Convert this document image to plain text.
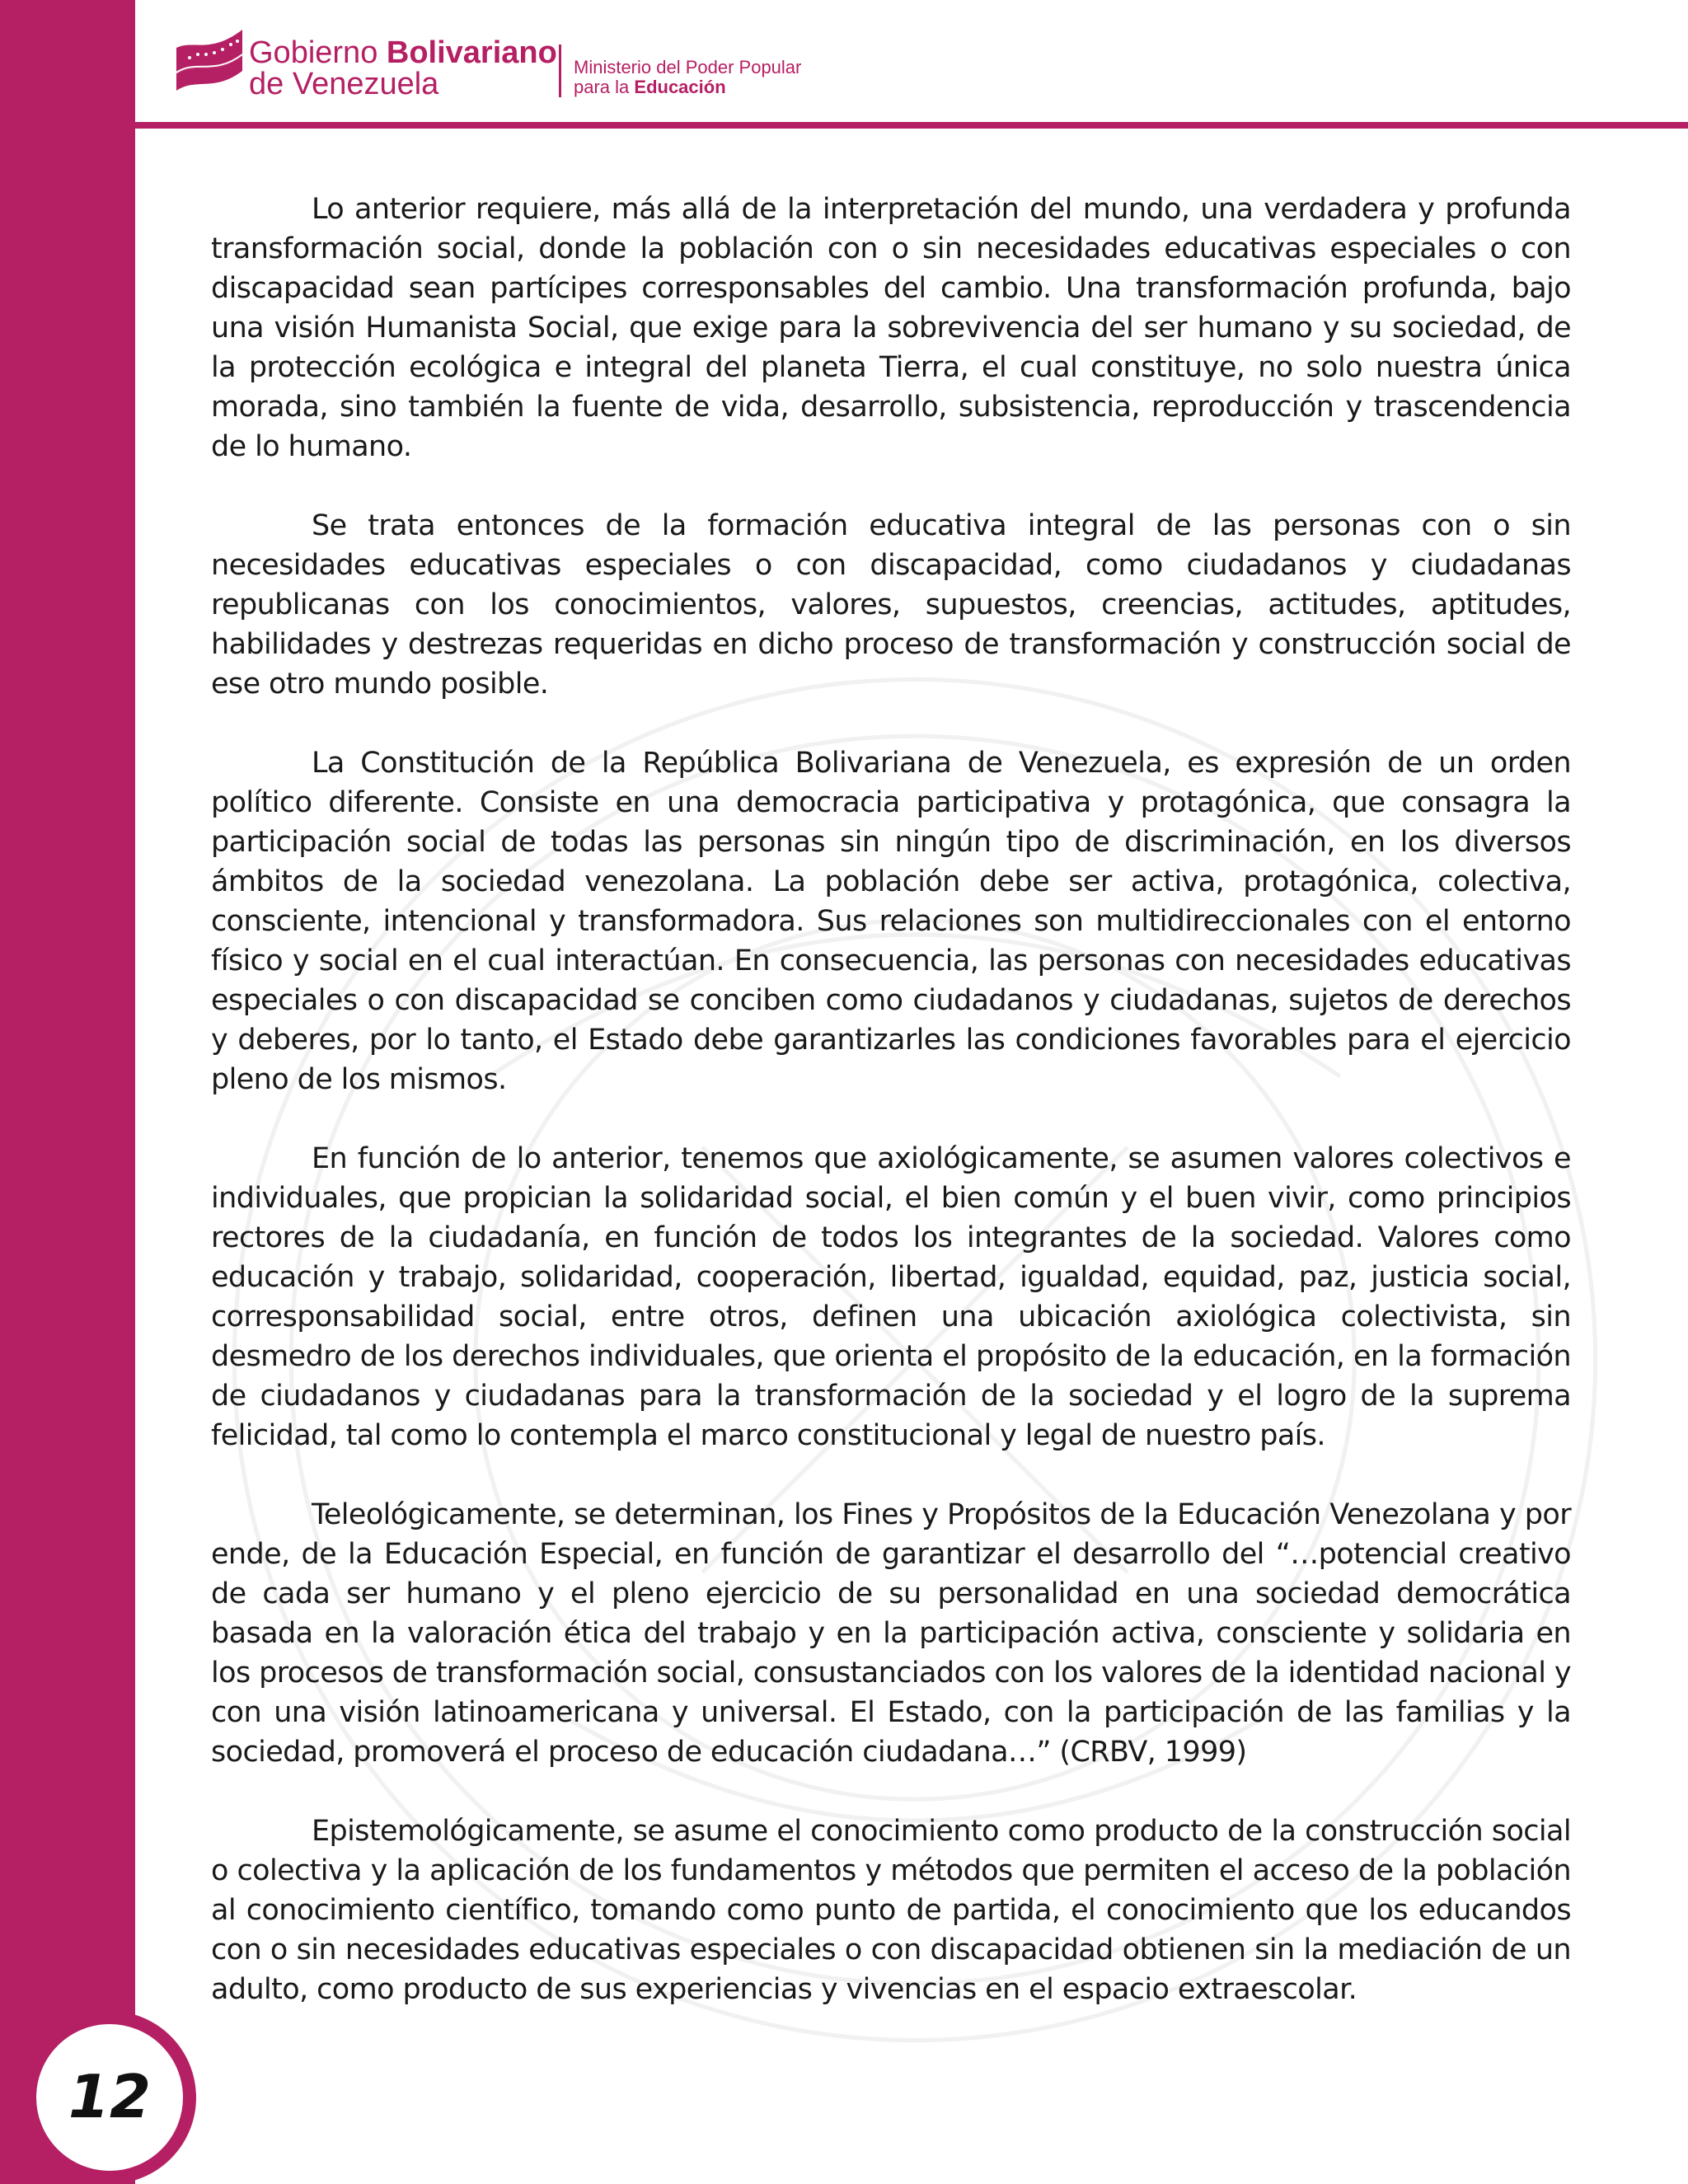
Gobierno Bolivariano
de Venezuela	Ministerio del Poder Popular
para la Educación

Lo anterior requiere, más allá de la interpretación del mundo, una verdadera y profunda transformación social, donde la población con o sin necesidades educativas especiales o con discapacidad sean partícipes corresponsables del cambio. Una transformación profunda, bajo una visión Humanista Social, que exige para la sobrevivencia del ser humano y su sociedad, de la protección ecológica e integral del planeta Tierra, el cual constituye, no solo nuestra única morada, sino también la fuente de vida, desarrollo, subsistencia, reproducción y trascendencia de lo humano.

Se trata entonces de la formación educativa integral de las personas con o sin necesidades educativas especiales o con discapacidad, como ciudadanos y ciudadanas republicanas con los conocimientos, valores, supuestos, creencias, actitudes, aptitudes, habilidades y destrezas requeridas en dicho proceso de transformación y construcción social de ese otro mundo posible.

La Constitución de la República Bolivariana de Venezuela, es expresión de un orden político diferente. Consiste en una democracia participativa y protagónica, que consagra la participación social de todas las personas sin ningún tipo de discriminación, en los diversos ámbitos de la sociedad venezolana. La población debe ser activa, protagónica, colectiva, consciente, intencional y transformadora. Sus relaciones son multidireccionales con el entorno físico y social en el cual interactúan. En consecuencia, las personas con necesidades educativas especiales o con discapacidad se conciben como ciudadanos y ciudadanas, sujetos de derechos y deberes, por lo tanto, el Estado debe garantizarles las condiciones favorables para el ejercicio pleno de los mismos.

En función de lo anterior, tenemos que axiológicamente, se asumen valores colectivos e individuales, que propician la solidaridad social, el bien común y el buen vivir, como principios rectores de la ciudadanía, en función de todos los integrantes de la sociedad. Valores como educación y trabajo, solidaridad, cooperación, libertad, igualdad, equidad, paz, justicia social, corresponsabilidad social, entre otros, definen una ubicación axiológica colectivista, sin desmedro de los derechos individuales, que orienta el propósito de la educación, en la formación de ciudadanos y ciudadanas para la transformación de la sociedad y el logro de la suprema felicidad, tal como lo contempla el marco constitucional y legal de nuestro país.

Teleológicamente, se determinan, los Fines y Propósitos de la Educación Venezolana y por ende, de la Educación Especial, en función de garantizar el desarrollo del “…potencial creativo de cada ser humano y el pleno ejercicio de su personalidad en una sociedad democrática basada en la valoración ética del trabajo y en la participación activa, consciente y solidaria en los procesos de transformación social, consustanciados con los valores de la identidad nacional y con una visión latinoamericana y universal. El Estado, con la participación de las familias y la sociedad, promoverá el proceso de educación ciudadana…” (CRBV, 1999)

Epistemológicamente, se asume el conocimiento como producto de la construcción social o colectiva y la aplicación de los fundamentos y métodos que permiten el acceso de la población al conocimiento científico, tomando como punto de partida, el conocimiento que los educandos con o sin necesidades educativas especiales o con discapacidad obtienen sin la mediación de un adulto, como producto de sus experiencias y vivencias en el espacio extraescolar.

12
